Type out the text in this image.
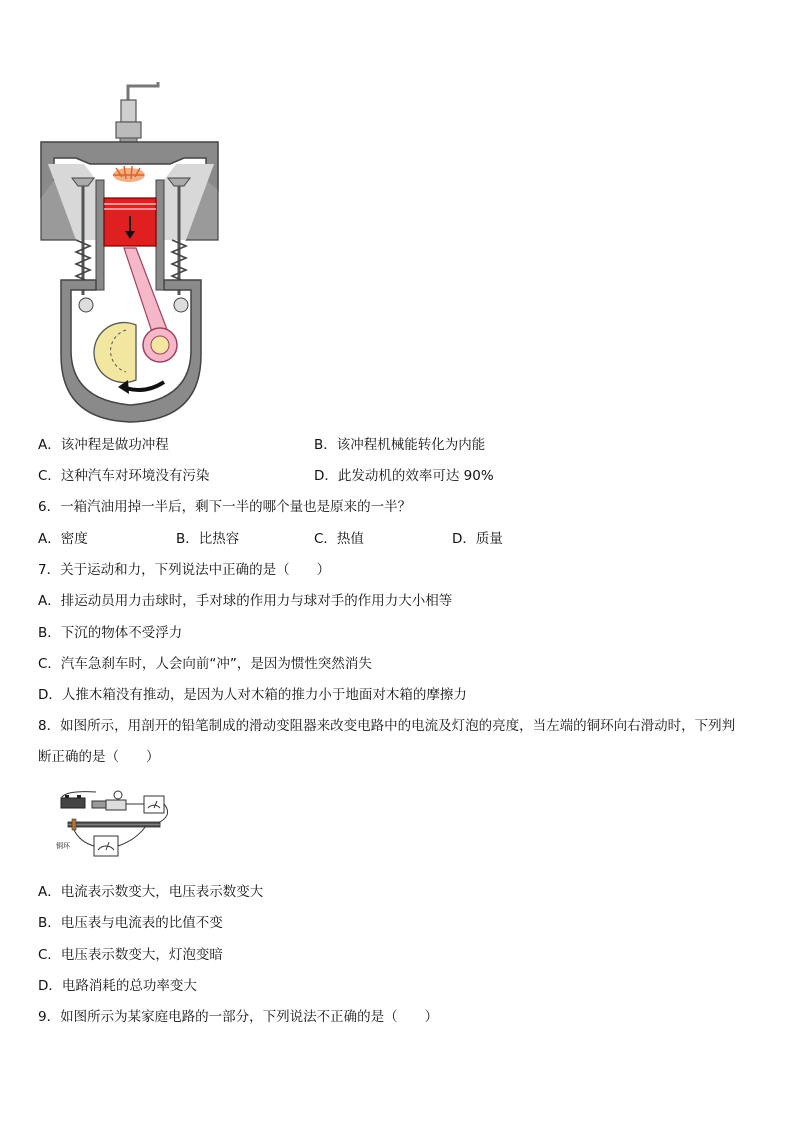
A．该冲程是做功冲程	B．该冲程机械能转化为内能
C．这种汽车对环境没有污染	D．此发动机的效率可达 90%
6．一箱汽油用掉一半后，剩下一半的哪个量也是原来的一半？
A．密度	B．比热容	C．热值	D．质量
7．关于运动和力，下列说法中正确的是（　　）
A．排运动员用力击球时，手对球的作用力与球对手的作用力大小相等
B．下沉的物体不受浮力
C．汽车急刹车时，人会向前“冲”，是因为惯性突然消失
D．人推木箱没有推动，是因为人对木箱的推力小于地面对木箱的摩擦力
8．如图所示，用剖开的铅笔制成的滑动变阻器来改变电路中的电流及灯泡的亮度，当左端的铜环向右滑动时，下列判
断正确的是（　　）
铜环
A．电流表示数变大，电压表示数变大
B．电压表与电流表的比值不变
C．电压表示数变大，灯泡变暗
D．电路消耗的总功率变大
9．如图所示为某家庭电路的一部分，下列说法不正确的是（　　）
